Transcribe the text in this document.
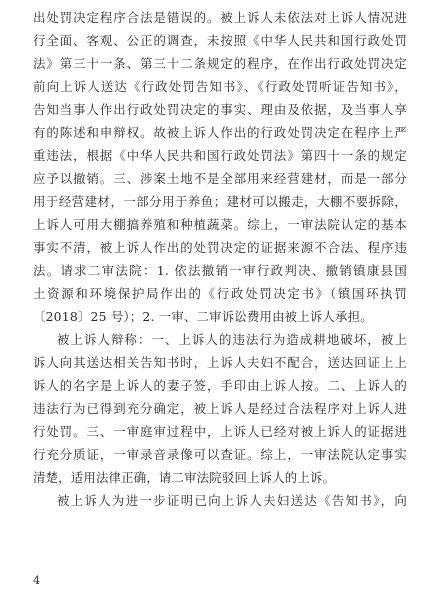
出处罚决定程序合法是错误的。被上诉人未依法对上诉人情况进
行全面、客观、公正的调查，未按照《中华人民共和国行政处罚
法》第三十一条、第三十二条规定的程序，在作出行政处罚决定
前向上诉人送达《行政处罚告知书》、《行政处罚听证告知书》，
告知当事人作出行政处罚决定的事实、理由及依据，及当事人享
有的陈述和申辩权。故被上诉人作出的行政处罚决定在程序上严
重违法，根据《中华人民共和国行政处罚法》第四十一条的规定
应予以撤销。三、涉案土地不是全部用来经营建材，而是一部分
用于经营建材，一部分用于养鱼；建材可以搬走，大棚不要拆除，
上诉人可用大棚搞养殖和种植蔬菜。综上，一审法院认定的基本
事实不清，被上诉人作出的处罚决定的证据来源不合法、程序违
法。请求二审法院：1. 依法撤销一审行政判决、撤销镇康县国
土资源和环境保护局作出的《行政处罚决定书》（镇国环执罚
〔2018〕25 号）；2. 一审、二审诉讼费用由被上诉人承担。
被上诉人辩称：一、上诉人的违法行为造成耕地破坏，被上
诉人向其送达相关告知书时，上诉人夫妇不配合，送达回证上上
诉人的名字是上诉人的妻子签，手印由上诉人按。二、上诉人的
违法行为已得到充分确定，被上诉人是经过合法程序对上诉人进
行处罚。三、一审庭审过程中，上诉人已经对被上诉人的证据进
行充分质证，一审录音录像可以查证。综上，一审法院认定事实
清楚，适用法律正确，请二审法院驳回上诉人的上诉。
被上诉人为进一步证明已向上诉人夫妇送达《告知书》，向
4
